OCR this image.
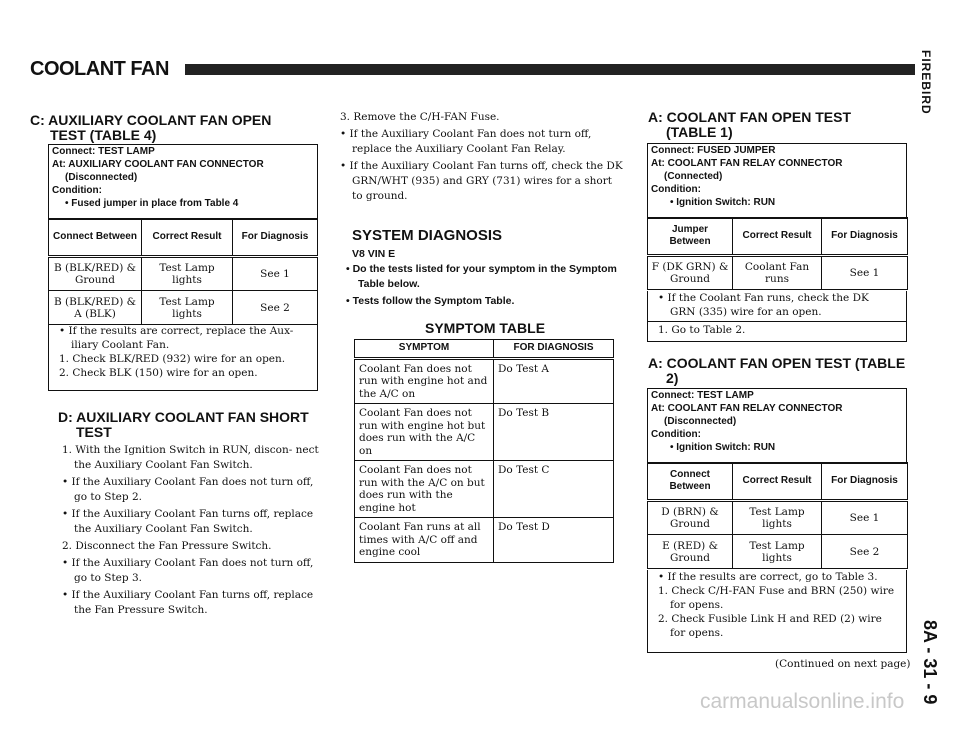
COOLANT FAN	FIREBIRD
8A - 31 - 9
C: AUXILIARY COOLANT FAN OPEN
TEST (TABLE 4)
Connect: TEST LAMP
At: AUXILIARY COOLANT FAN CONNECTOR
(Disconnected)
Condition:
• Fused jumper in place from Table 4
Connect Between	Correct Result	For Diagnosis
B (BLK/RED) & Ground	Test Lamp lights	See 1
B (BLK/RED) & A (BLK)	Test Lamp lights	See 2
• If the results are correct, replace the Aux-
iliary Coolant Fan.
1. Check BLK/RED (932) wire for an open.
2. Check BLK (150) wire for an open.
D: AUXILIARY COOLANT FAN SHORT
TEST
1. With the Ignition Switch in RUN, discon- nect the Auxiliary Coolant Fan Switch.
• If the Auxiliary Coolant Fan does not turn off, go to Step 2.
• If the Auxiliary Coolant Fan turns off, replace the Auxiliary Coolant Fan Switch.
2. Disconnect the Fan Pressure Switch.
• If the Auxiliary Coolant Fan does not turn off, go to Step 3.
• If the Auxiliary Coolant Fan turns off, replace the Fan Pressure Switch.
3. Remove the C/H-FAN Fuse.
• If the Auxiliary Coolant Fan does not turn off, replace the Auxiliary Coolant Fan Relay.
• If the Auxiliary Coolant Fan turns off, check the DK GRN/WHT (935) and GRY (731) wires for a short to ground.
SYSTEM DIAGNOSIS
V8 VIN E
• Do the tests listed for your symptom in the Symptom Table below.
• Tests follow the Symptom Table.
SYMPTOM TABLE
SYMPTOM	FOR DIAGNOSIS
Coolant Fan does not run with engine hot and the A/C on	Do Test A
Coolant Fan does not run with engine hot but does run with the A/C on	Do Test B
Coolant Fan does not run with the A/C on but does run with the engine hot	Do Test C
Coolant Fan runs at all times with A/C off and engine cool	Do Test D
A: COOLANT FAN OPEN TEST
(TABLE 1)
Connect: FUSED JUMPER
At: COOLANT FAN RELAY CONNECTOR
(Connected)
Condition:
• Ignition Switch: RUN
Jumper Between	Correct Result	For Diagnosis
F (DK GRN) & Ground	Coolant Fan runs	See 1
• If the Coolant Fan runs, check the DK
GRN (335) wire for an open.
1. Go to Table 2.
A: COOLANT FAN OPEN TEST (TABLE
2)
Connect: TEST LAMP
At: COOLANT FAN RELAY CONNECTOR
(Disconnected)
Condition:
• Ignition Switch: RUN
Connect Between	Correct Result	For Diagnosis
D (BRN) & Ground	Test Lamp lights	See 1
E (RED) & Ground	Test Lamp lights	See 2
• If the results are correct, go to Table 3.
1. Check C/H-FAN Fuse and BRN (250) wire
for opens.
2. Check Fusible Link H and RED (2) wire
for opens.
(Continued on next page)
carmanualsonline.info
